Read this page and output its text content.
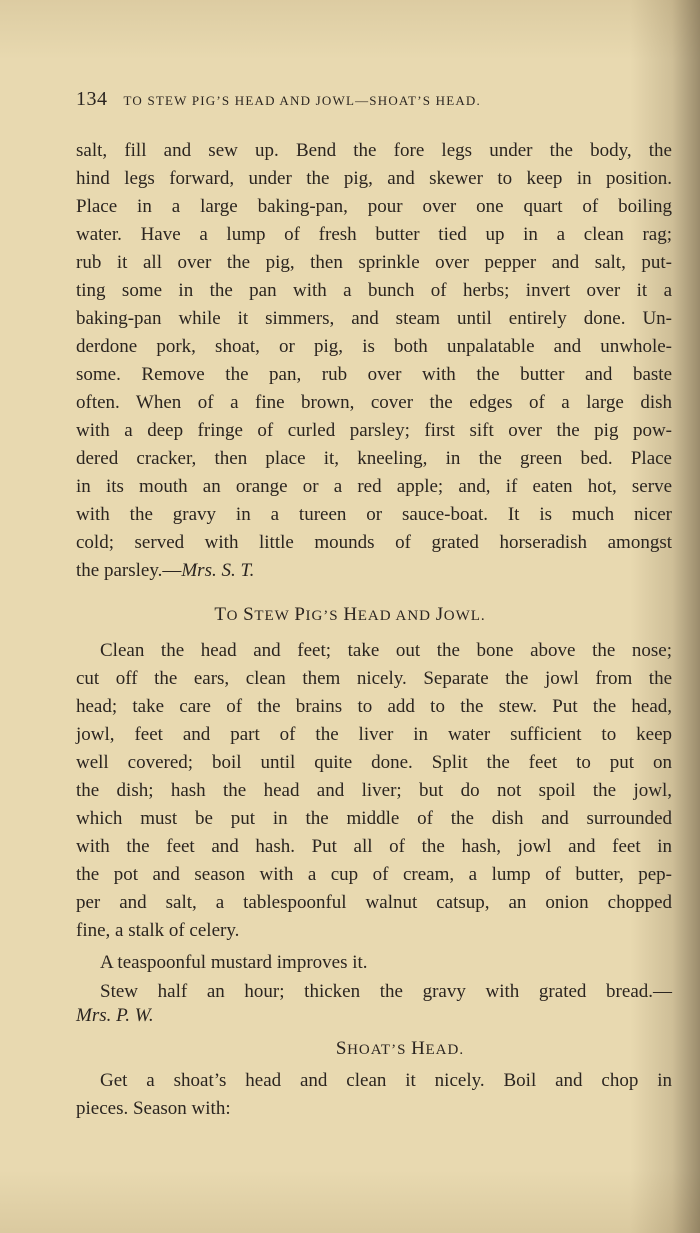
134 TO STEW PIG’S HEAD AND JOWL—SHOAT’S HEAD.
salt, fill and sew up. Bend the fore legs under the body, the
hind legs forward, under the pig, and skewer to keep in position.
Place in a large baking-pan, pour over one quart of boiling
water. Have a lump of fresh butter tied up in a clean rag;
rub it all over the pig, then sprinkle over pepper and salt, put-
ting some in the pan with a bunch of herbs; invert over it a
baking-pan while it simmers, and steam until entirely done. Un-
derdone pork, shoat, or pig, is both unpalatable and unwhole-
some. Remove the pan, rub over with the butter and baste
often. When of a fine brown, cover the edges of a large dish
with a deep fringe of curled parsley; first sift over the pig pow-
dered cracker, then place it, kneeling, in the green bed. Place
in its mouth an orange or a red apple; and, if eaten hot, serve
with the gravy in a tureen or sauce-boat. It is much nicer
cold; served with little mounds of grated horseradish amongst
the parsley.—Mrs. S. T.
TO STEW PIG’S HEAD AND JOWL.
Clean the head and feet; take out the bone above the nose;
cut off the ears, clean them nicely. Separate the jowl from the
head; take care of the brains to add to the stew. Put the head,
jowl, feet and part of the liver in water sufficient to keep
well covered; boil until quite done. Split the feet to put on
the dish; hash the head and liver; but do not spoil the jowl,
which must be put in the middle of the dish and surrounded
with the feet and hash. Put all of the hash, jowl and feet in
the pot and season with a cup of cream, a lump of butter, pep-
per and salt, a tablespoonful walnut catsup, an onion chopped
fine, a stalk of celery.
A teaspoonful mustard improves it.
Stew half an hour; thicken the gravy with grated bread.—
Mrs. P. W.
SHOAT’S HEAD.
Get a shoat’s head and clean it nicely. Boil and chop in
pieces. Season with:
